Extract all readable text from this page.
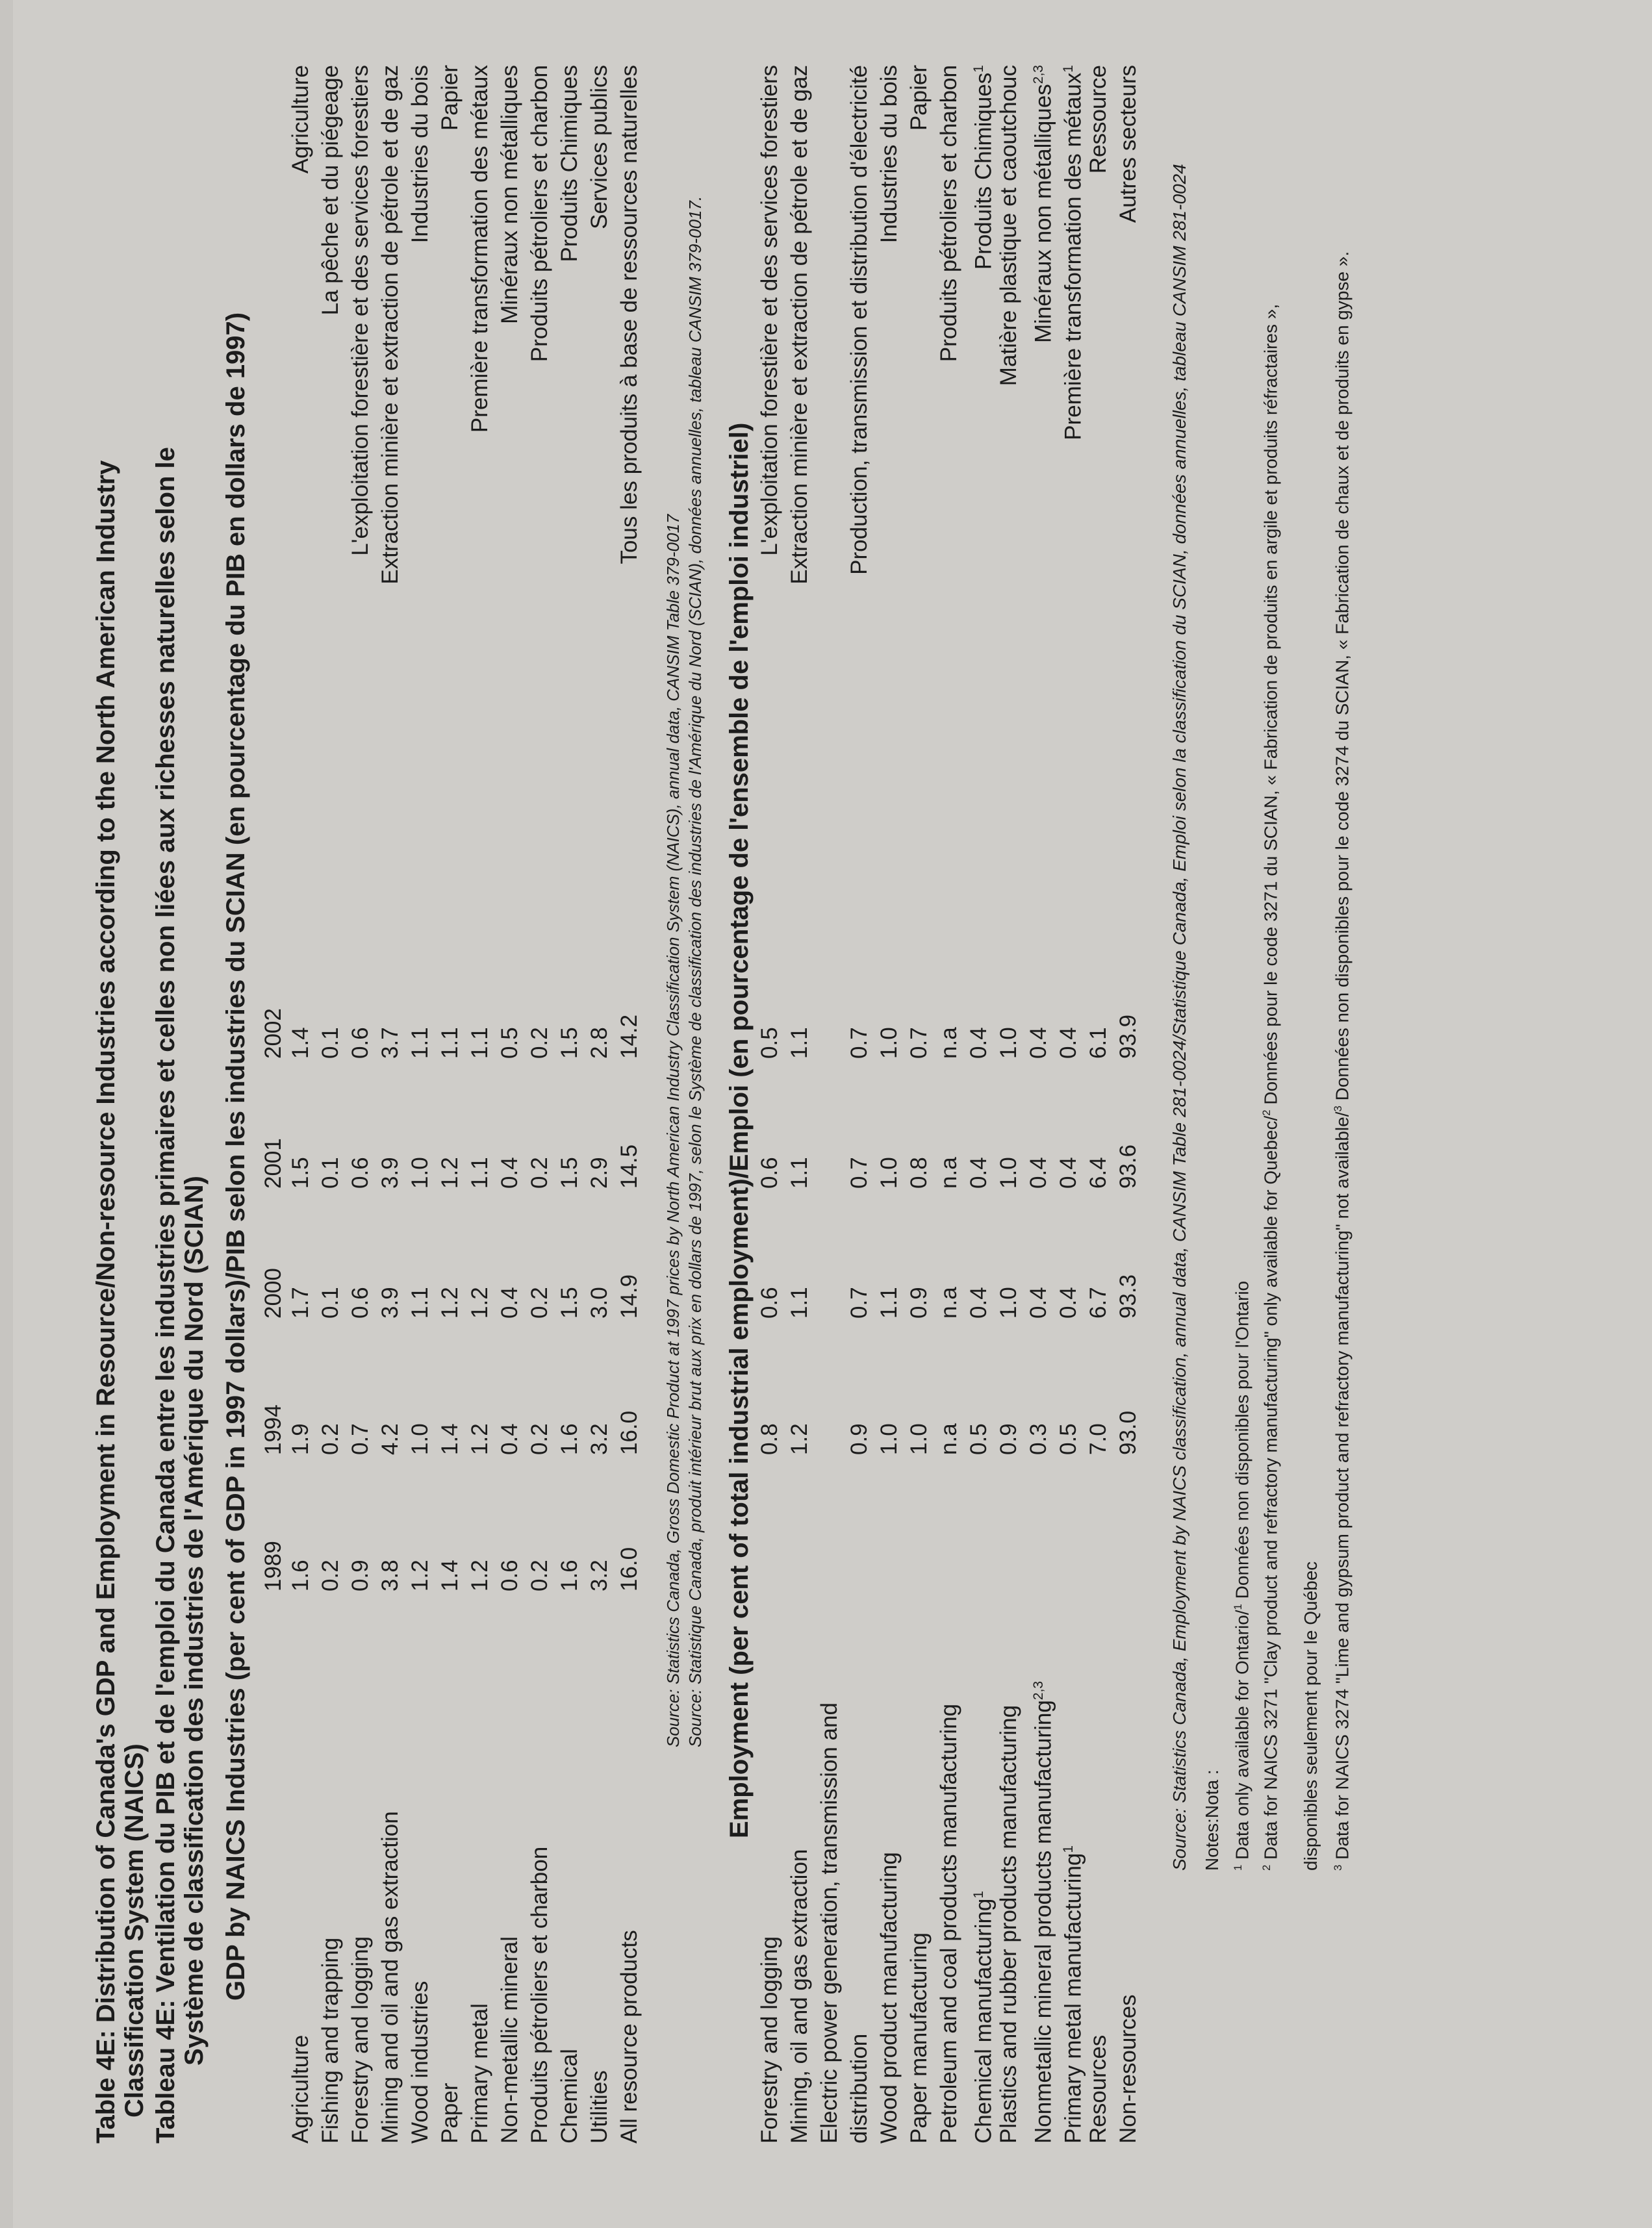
Table 4E: Distribution of Canada's GDP and Employment in Resource/Non-resource Industries according to the North American Industry Classification System (NAICS) Tableau 4E: Ventilation du PIB et de l'emploi du Canada entre les industries primaires et celles non liées aux richesses naturelles selon le Système de classification des industries de l'Amérique du Nord (SCIAN) GDP by NAICS Industries (per cent of GDP in 1997 dollars)/PIB selon les industries du SCIAN (en pourcentage du PIB en dollars de 1997) 1989
1994
2000
2001
2002
Agriculture
1.6
1.9
1.7
1.5
1.4
Agriculture
Fishing and trapping
0.2
0.2
0.1
0.1
0.1
La pêche et du piégeage
Forestry and logging
0.9
0.7
0.6
0.6
0.6
L'exploitation forestière et des services forestiers
Mining and oil and gas extraction
3.8
4.2
3.9
3.9
3.7
Extraction minière et extraction de pétrole et de gaz
Wood industries
1.2
1.0
1.1
1.0
1.1
Industries du bois
Paper
1.4
1.4
1.2
1.2
1.1
Papier
Primary metal
1.2
1.2
1.2
1.1
1.1
Première transformation des métaux
Non-metallic mineral
0.6
0.4
0.4
0.4
0.5
Minéraux non métalliques
Produits pétroliers et charbon
0.2
0.2
0.2
0.2
0.2
Produits pétroliers et charbon
Chemical
1.6
1.6
1.5
1.5
1.5
Produits Chimiques
Utilities
3.2
3.2
3.0
2.9
2.8
Services publics
All resource products
16.0
16.0
14.9
14.5
14.2
Tous les produits à base de ressources naturelles
Source: Statistics Canada, Gross Domestic Product at 1997 prices by North American Industry Classification System (NAICS), annual data, CANSIM Table 379-0017 Source: Statistique Canada, produit intérieur brut aux prix en dollars de 1997, selon le Système de classification des industries de l'Amérique du Nord (SCIAN), données annuelles, tableau CANSIM 379-0017. Employment (per cent of total industrial employment)/Emploi (en pourcentage de l'ensemble de l'emploi industriel)
Forestry and logging
0.8
0.6
0.6
0.5
L'exploitation forestière et des services forestiers
Mining, oil and gas extraction
1.2
1.1
1.1
1.1
Extraction minière et extraction de pétrole et de gaz
Electric power generation, transmission and distribution
0.9
0.7
0.7
0.7
Production, transmission et distribution d'électricité
Wood product manufacturing
1.0
1.1
1.0
1.0
Industries du bois
Paper manufacturing
1.0
0.9
0.8
0.7
Papier
Petroleum and coal products manufacturing
n.a
n.a
n.a
n.a
Produits pétroliers et charbon
Chemical manufacturing$^1$
0.5
0.4
0.4
0.4
Produits Chimiques$^1$
Plastics and rubber products manufacturing
0.9
1.0
1.0
1.0
Matière plastique et caoutchouc
Nonmetallic mineral products manufacturing$^{2,3}$
0.3
0.4
0.4
0.4
Minéraux non métalliques$^{2,3}$
Primary metal manufacturing$^1$
0.5
0.4
0.4
0.4
Première transformation des métaux$^1$
Resources
7.0
6.7
6.4
6.1
Ressource
Non-resources
93.0
93.3
93.6
93.9
Autres secteurs
Source: Statistics Canada, Employment by NAICS classification, annual data, CANSIM Table 281-0024/Statistique Canada, Emploi selon la classification du SCIAN, données annuelles, tableau CANSIM 281-0024 Notes:Nota : $^1$ Data only available for Ontario/$^1$ Données non disponibles pour l'Ontario
$^2$ Data for NAICS 3271 "Clay product and refractory manufacturing" only available for Quebec/$^2$ Données pour le code 3271 du SCIAN, « Fabrication de produits en argile et produits réfractaires »,
disponibles seulement pour le Québec	$^3$ Data for NAICS 3274 "Lime and gypsum product and refractory manufacturing" not available/$^3$ Données non disponibles pour le code 3274 du SCIAN, « Fabrication de chaux et de produits en gypse ».
